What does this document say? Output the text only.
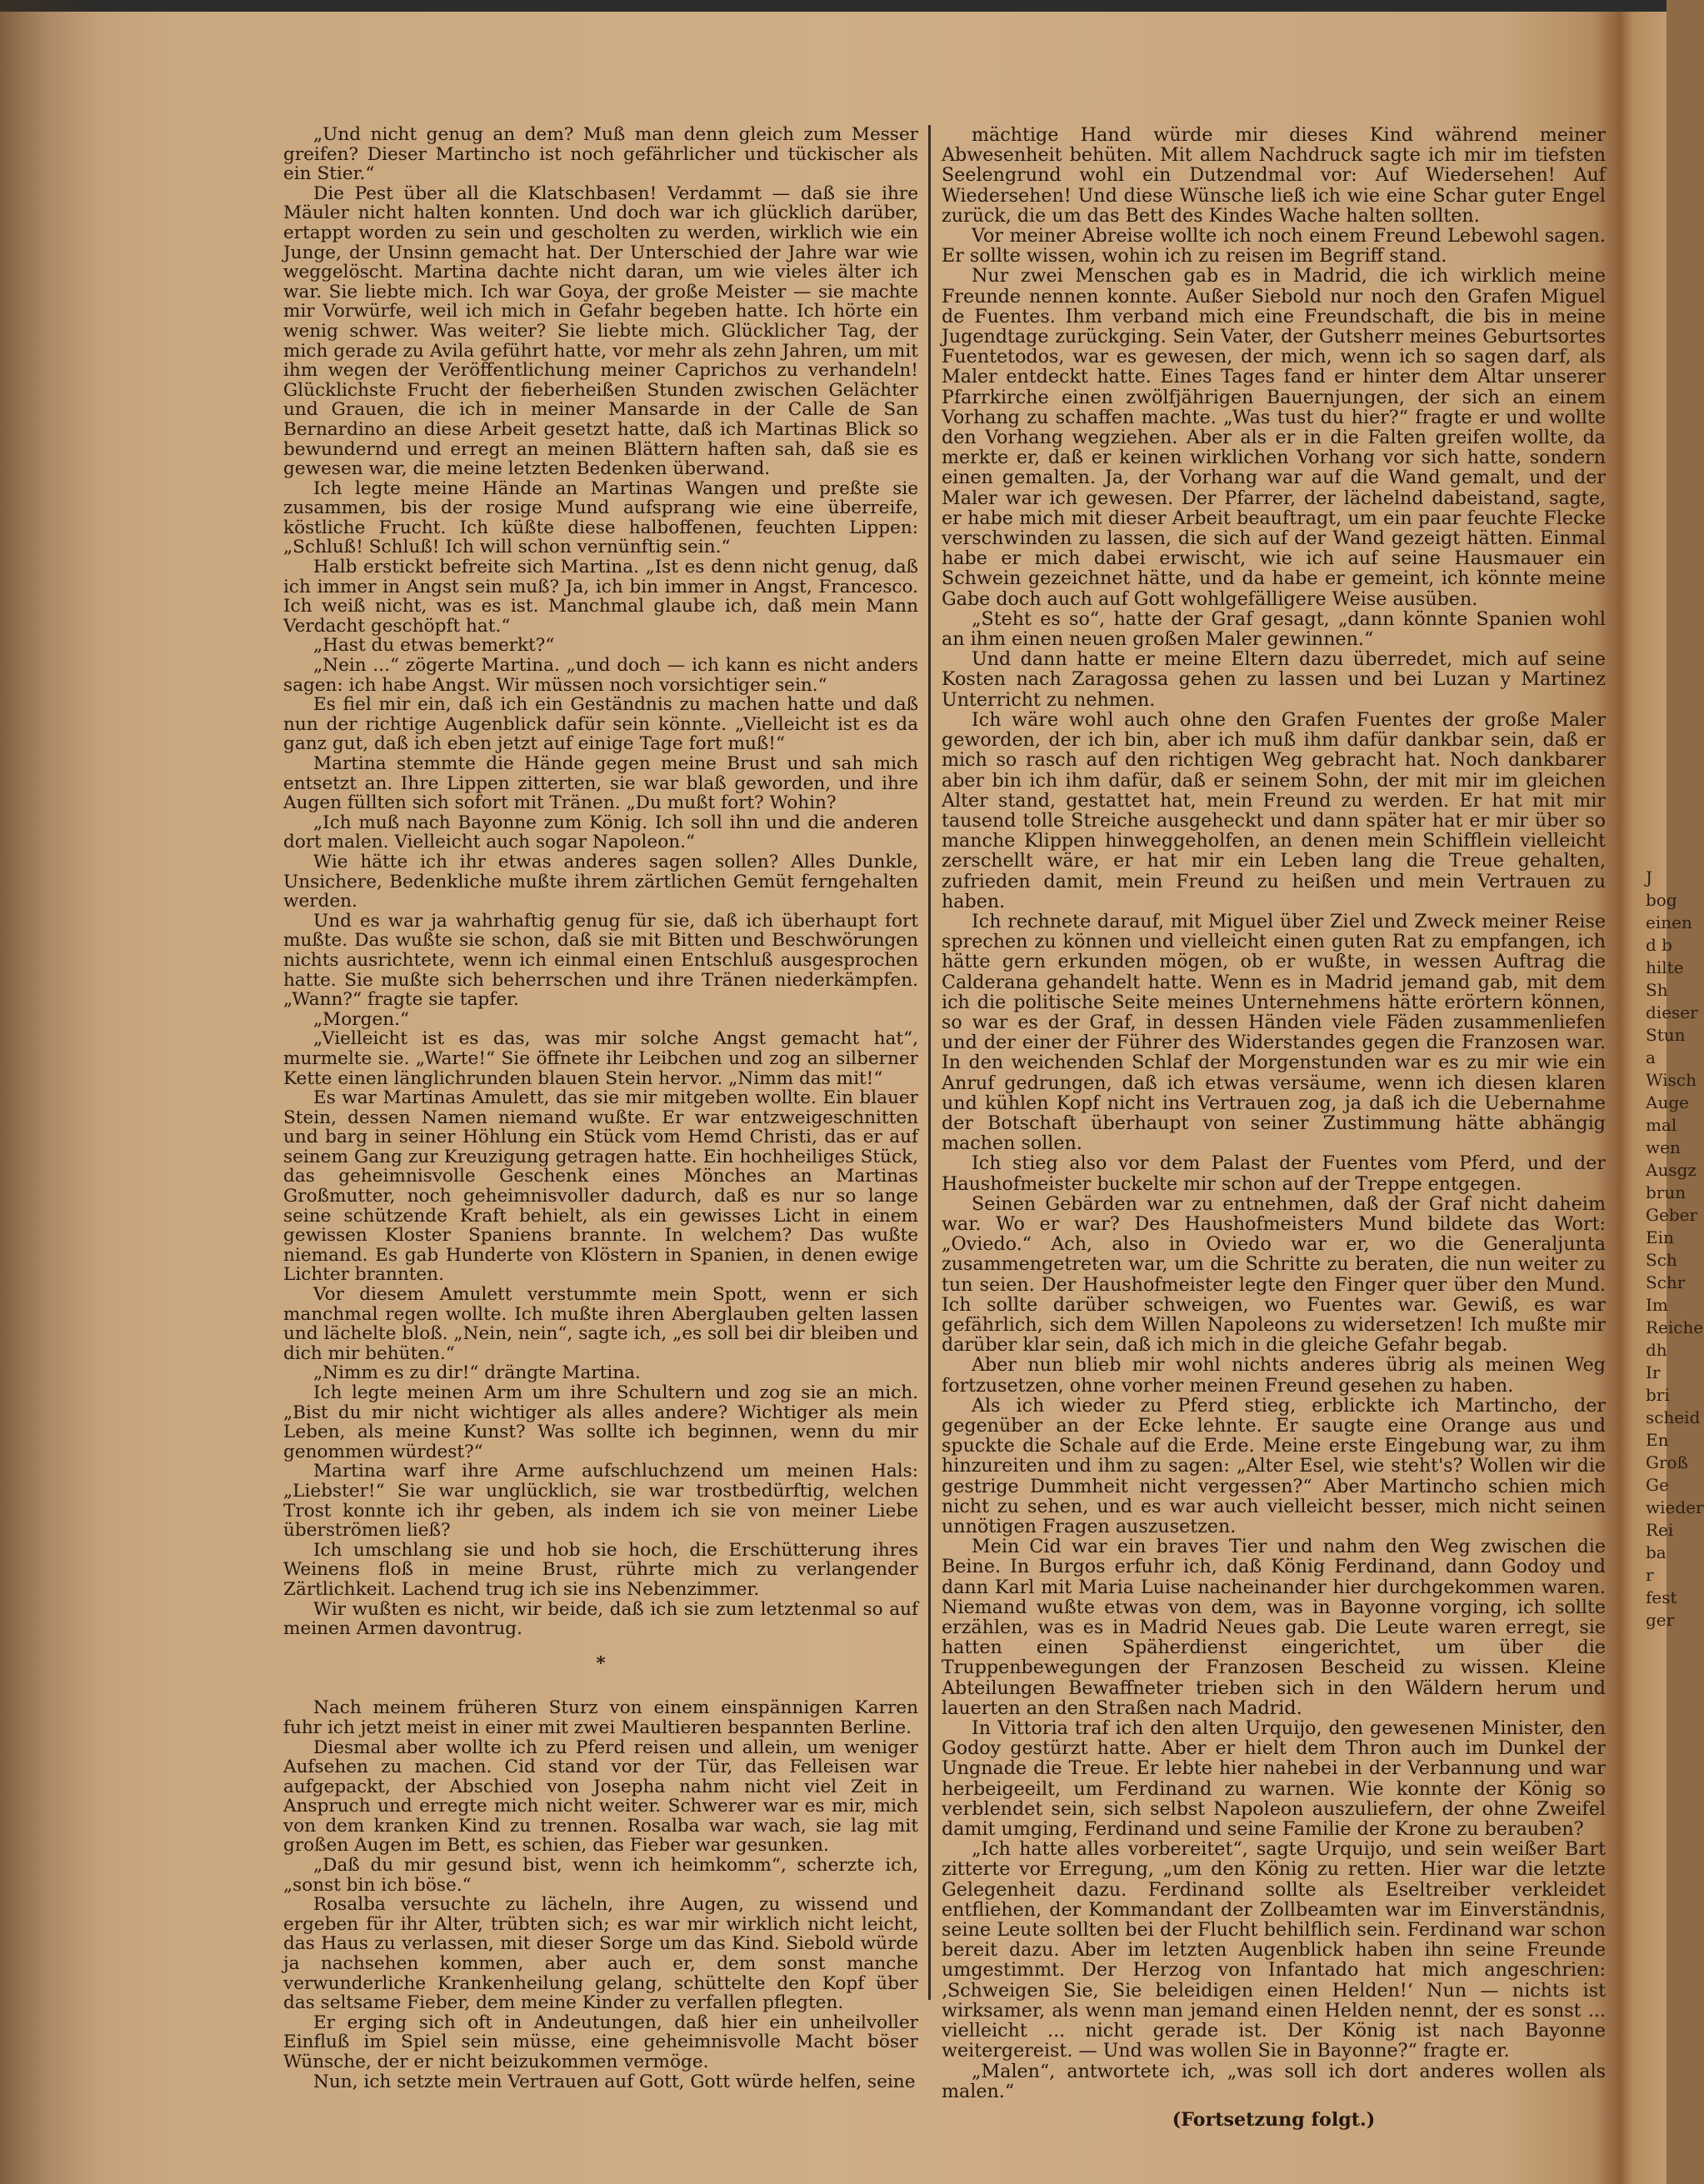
„Und nicht genug an dem? Muß man denn gleich zum Messer greifen? Dieser Martincho ist noch gefährlicher und tückischer als ein Stier.“

Die Pest über all die Klatschbasen! Verdammt — daß sie ihre Mäuler nicht halten konnten. Und doch war ich glücklich darüber, ertappt worden zu sein und gescholten zu werden, wirklich wie ein Junge, der Unsinn gemacht hat. Der Unterschied der Jahre war wie weggelöscht. Martina dachte nicht daran, um wie vieles älter ich war. Sie liebte mich. Ich war Goya, der große Meister — sie machte mir Vorwürfe, weil ich mich in Gefahr begeben hatte. Ich hörte ein wenig schwer. Was weiter? Sie liebte mich. Glücklicher Tag, der mich gerade zu Avila geführt hatte, vor mehr als zehn Jahren, um mit ihm wegen der Veröffentlichung meiner Caprichos zu verhandeln! Glücklichste Frucht der fieberheißen Stunden zwischen Gelächter und Grauen, die ich in meiner Mansarde in der Calle de San Bernardino an diese Arbeit gesetzt hatte, daß ich Martinas Blick so bewundernd und erregt an meinen Blättern haften sah, daß sie es gewesen war, die meine letzten Bedenken überwand.

Ich legte meine Hände an Martinas Wangen und preßte sie zusammen, bis der rosige Mund aufsprang wie eine überreife, köstliche Frucht. Ich küßte diese halboffenen, feuchten Lippen: „Schluß! Schluß! Ich will schon vernünftig sein.“

Halb erstickt befreite sich Martina. „Ist es denn nicht genug, daß ich immer in Angst sein muß? Ja, ich bin immer in Angst, Francesco. Ich weiß nicht, was es ist. Manchmal glaube ich, daß mein Mann Verdacht geschöpft hat.“

„Hast du etwas bemerkt?“

„Nein ...“ zögerte Martina. „und doch — ich kann es nicht anders sagen: ich habe Angst. Wir müssen noch vorsichtiger sein.“

Es fiel mir ein, daß ich ein Geständnis zu machen hatte und daß nun der richtige Augenblick dafür sein könnte. „Vielleicht ist es da ganz gut, daß ich eben jetzt auf einige Tage fort muß!“

Martina stemmte die Hände gegen meine Brust und sah mich entsetzt an. Ihre Lippen zitterten, sie war blaß geworden, und ihre Augen füllten sich sofort mit Tränen. „Du mußt fort? Wohin?

„Ich muß nach Bayonne zum König. Ich soll ihn und die anderen dort malen. Vielleicht auch sogar Napoleon.“

Wie hätte ich ihr etwas anderes sagen sollen? Alles Dunkle, Unsichere, Bedenkliche mußte ihrem zärtlichen Gemüt ferngehalten werden.

Und es war ja wahrhaftig genug für sie, daß ich überhaupt fort mußte. Das wußte sie schon, daß sie mit Bitten und Beschwörungen nichts ausrichtete, wenn ich einmal einen Entschluß ausgesprochen hatte. Sie mußte sich beherrschen und ihre Tränen niederkämpfen. „Wann?“ fragte sie tapfer.

„Morgen.“

„Vielleicht ist es das, was mir solche Angst gemacht hat“, murmelte sie. „Warte!“ Sie öffnete ihr Leibchen und zog an silberner Kette einen länglichrunden blauen Stein hervor. „Nimm das mit!“

Es war Martinas Amulett, das sie mir mitgeben wollte. Ein blauer Stein, dessen Namen niemand wußte. Er war entzweigeschnitten und barg in seiner Höhlung ein Stück vom Hemd Christi, das er auf seinem Gang zur Kreuzigung getragen hatte. Ein hochheiliges Stück, das geheimnisvolle Geschenk eines Mönches an Martinas Großmutter, noch geheimnisvoller dadurch, daß es nur so lange seine schützende Kraft behielt, als ein gewisses Licht in einem gewissen Kloster Spaniens brannte. In welchem? Das wußte niemand. Es gab Hunderte von Klöstern in Spanien, in denen ewige Lichter brannten.

Vor diesem Amulett verstummte mein Spott, wenn er sich manchmal regen wollte. Ich mußte ihren Aberglauben gelten lassen und lächelte bloß. „Nein, nein“, sagte ich, „es soll bei dir bleiben und dich mir behüten.“

„Nimm es zu dir!“ drängte Martina.

Ich legte meinen Arm um ihre Schultern und zog sie an mich. „Bist du mir nicht wichtiger als alles andere? Wichtiger als mein Leben, als meine Kunst? Was sollte ich beginnen, wenn du mir genommen würdest?“

Martina warf ihre Arme aufschluchzend um meinen Hals: „Liebster!“ Sie war unglücklich, sie war trostbedürftig, welchen Trost konnte ich ihr geben, als indem ich sie von meiner Liebe überströmen ließ?

Ich umschlang sie und hob sie hoch, die Erschütterung ihres Weinens floß in meine Brust, rührte mich zu verlangender Zärtlichkeit. Lachend trug ich sie ins Nebenzimmer.

Wir wußten es nicht, wir beide, daß ich sie zum letztenmal so auf meinen Armen davontrug.

*

Nach meinem früheren Sturz von einem einspännigen Karren fuhr ich jetzt meist in einer mit zwei Maultieren bespannten Berline.

Diesmal aber wollte ich zu Pferd reisen und allein, um weniger Aufsehen zu machen. Cid stand vor der Tür, das Felleisen war aufgepackt, der Abschied von Josepha nahm nicht viel Zeit in Anspruch und erregte mich nicht weiter. Schwerer war es mir, mich von dem kranken Kind zu trennen. Rosalba war wach, sie lag mit großen Augen im Bett, es schien, das Fieber war gesunken.

„Daß du mir gesund bist, wenn ich heimkomm“, scherzte ich, „sonst bin ich böse.“

Rosalba versuchte zu lächeln, ihre Augen, zu wissend und ergeben für ihr Alter, trübten sich; es war mir wirklich nicht leicht, das Haus zu verlassen, mit dieser Sorge um das Kind. Siebold würde ja nachsehen kommen, aber auch er, dem sonst manche verwunderliche Krankenheilung gelang, schüttelte den Kopf über das seltsame Fieber, dem meine Kinder zu verfallen pflegten.

Er erging sich oft in Andeutungen, daß hier ein unheilvoller Einfluß im Spiel sein müsse, eine geheimnisvolle Macht böser Wünsche, der er nicht beizukommen vermöge.

Nun, ich setzte mein Vertrauen auf Gott, Gott würde helfen, seine

mächtige Hand würde mir dieses Kind während meiner Abwesenheit behüten. Mit allem Nachdruck sagte ich mir im tiefsten Seelengrund wohl ein Dutzendmal vor: Auf Wiedersehen! Auf Wiedersehen! Und diese Wünsche ließ ich wie eine Schar guter Engel zurück, die um das Bett des Kindes Wache halten sollten.

Vor meiner Abreise wollte ich noch einem Freund Lebewohl sagen. Er sollte wissen, wohin ich zu reisen im Begriff stand.

Nur zwei Menschen gab es in Madrid, die ich wirklich meine Freunde nennen konnte. Außer Siebold nur noch den Grafen Miguel de Fuentes. Ihm verband mich eine Freundschaft, die bis in meine Jugendtage zurückging. Sein Vater, der Gutsherr meines Geburtsortes Fuentetodos, war es gewesen, der mich, wenn ich so sagen darf, als Maler entdeckt hatte. Eines Tages fand er hinter dem Altar unserer Pfarrkirche einen zwölfjährigen Bauernjungen, der sich an einem Vorhang zu schaffen machte. „Was tust du hier?“ fragte er und wollte den Vorhang wegziehen. Aber als er in die Falten greifen wollte, da merkte er, daß er keinen wirklichen Vorhang vor sich hatte, sondern einen gemalten. Ja, der Vorhang war auf die Wand gemalt, und der Maler war ich gewesen. Der Pfarrer, der lächelnd dabeistand, sagte, er habe mich mit dieser Arbeit beauftragt, um ein paar feuchte Flecke verschwinden zu lassen, die sich auf der Wand gezeigt hätten. Einmal habe er mich dabei erwischt, wie ich auf seine Hausmauer ein Schwein gezeichnet hätte, und da habe er gemeint, ich könnte meine Gabe doch auch auf Gott wohlgefälligere Weise ausüben.

„Steht es so“, hatte der Graf gesagt, „dann könnte Spanien wohl an ihm einen neuen großen Maler gewinnen.“

Und dann hatte er meine Eltern dazu überredet, mich auf seine Kosten nach Zaragossa gehen zu lassen und bei Luzan y Martinez Unterricht zu nehmen.

Ich wäre wohl auch ohne den Grafen Fuentes der große Maler geworden, der ich bin, aber ich muß ihm dafür dankbar sein, daß er mich so rasch auf den richtigen Weg gebracht hat. Noch dankbarer aber bin ich ihm dafür, daß er seinem Sohn, der mit mir im gleichen Alter stand, gestattet hat, mein Freund zu werden. Er hat mit mir tausend tolle Streiche ausgeheckt und dann später hat er mir über so manche Klippen hinweggeholfen, an denen mein Schifflein vielleicht zerschellt wäre, er hat mir ein Leben lang die Treue gehalten, zufrieden damit, mein Freund zu heißen und mein Vertrauen zu haben.

Ich rechnete darauf, mit Miguel über Ziel und Zweck meiner Reise sprechen zu können und vielleicht einen guten Rat zu empfangen, ich hätte gern erkunden mögen, ob er wußte, in wessen Auftrag die Calderana gehandelt hatte. Wenn es in Madrid jemand gab, mit dem ich die politische Seite meines Unternehmens hätte erörtern können, so war es der Graf, in dessen Händen viele Fäden zusammenliefen und der einer der Führer des Widerstandes gegen die Franzosen war. In den weichenden Schlaf der Morgenstunden war es zu mir wie ein Anruf gedrungen, daß ich etwas versäume, wenn ich diesen klaren und kühlen Kopf nicht ins Vertrauen zog, ja daß ich die Uebernahme der Botschaft überhaupt von seiner Zustimmung hätte abhängig machen sollen.

Ich stieg also vor dem Palast der Fuentes vom Pferd, und der Haushofmeister buckelte mir schon auf der Treppe entgegen.

Seinen Gebärden war zu entnehmen, daß der Graf nicht daheim war. Wo er war? Des Haushofmeisters Mund bildete das Wort: „Oviedo.“ Ach, also in Oviedo war er, wo die Generaljunta zusammengetreten war, um die Schritte zu beraten, die nun weiter zu tun seien. Der Haushofmeister legte den Finger quer über den Mund. Ich sollte darüber schweigen, wo Fuentes war. Gewiß, es war gefährlich, sich dem Willen Napoleons zu widersetzen! Ich mußte mir darüber klar sein, daß ich mich in die gleiche Gefahr begab.

Aber nun blieb mir wohl nichts anderes übrig als meinen Weg fortzusetzen, ohne vorher meinen Freund gesehen zu haben.

Als ich wieder zu Pferd stieg, erblickte ich Martincho, der gegenüber an der Ecke lehnte. Er saugte eine Orange aus und spuckte die Schale auf die Erde. Meine erste Eingebung war, zu ihm hinzureiten und ihm zu sagen: „Alter Esel, wie steht's? Wollen wir die gestrige Dummheit nicht vergessen?“ Aber Martincho schien mich nicht zu sehen, und es war auch vielleicht besser, mich nicht seinen unnötigen Fragen auszusetzen.

Mein Cid war ein braves Tier und nahm den Weg zwischen die Beine. In Burgos erfuhr ich, daß König Ferdinand, dann Godoy und dann Karl mit Maria Luise nacheinander hier durchgekommen waren. Niemand wußte etwas von dem, was in Bayonne vorging, ich sollte erzählen, was es in Madrid Neues gab. Die Leute waren erregt, sie hatten einen Späherdienst eingerichtet, um über die Truppenbewegungen der Franzosen Bescheid zu wissen. Kleine Abteilungen Bewaffneter trieben sich in den Wäldern herum und lauerten an den Straßen nach Madrid.

In Vittoria traf ich den alten Urquijo, den gewesenen Minister, den Godoy gestürzt hatte. Aber er hielt dem Thron auch im Dunkel der Ungnade die Treue. Er lebte hier nahebei in der Verbannung und war herbeigeeilt, um Ferdinand zu warnen. Wie konnte der König so verblendet sein, sich selbst Napoleon auszuliefern, der ohne Zweifel damit umging, Ferdinand und seine Familie der Krone zu berauben?

„Ich hatte alles vorbereitet“, sagte Urquijo, und sein weißer Bart zitterte vor Erregung, „um den König zu retten. Hier war die letzte Gelegenheit dazu. Ferdinand sollte als Eseltreiber verkleidet entfliehen, der Kommandant der Zollbeamten war im Einverständnis, seine Leute sollten bei der Flucht behilflich sein. Ferdinand war schon bereit dazu. Aber im letzten Augenblick haben ihn seine Freunde umgestimmt. Der Herzog von Infantado hat mich angeschrien: ‚Schweigen Sie, Sie beleidigen einen Helden!‘ Nun — nichts ist wirksamer, als wenn man jemand einen Helden nennt, der es sonst ... vielleicht ... nicht gerade ist. Der König ist nach Bayonne weitergereist. — Und was wollen Sie in Bayonne?“ fragte er.

„Malen“, antwortete ich, „was soll ich dort anderes wollen als malen.“

(Fortsetzung folgt.)

J
bog
einen
d b
hilte
Sh
dieser
Stun
a
Wisch
Auge
mal
wen
Ausgz
brun
Geber
Ein
Sch
Schr
Im
Reiche
dh
Ir
bri
scheid
En
Groß
Ge
wieder
Rei
ba
r
fest
ger
